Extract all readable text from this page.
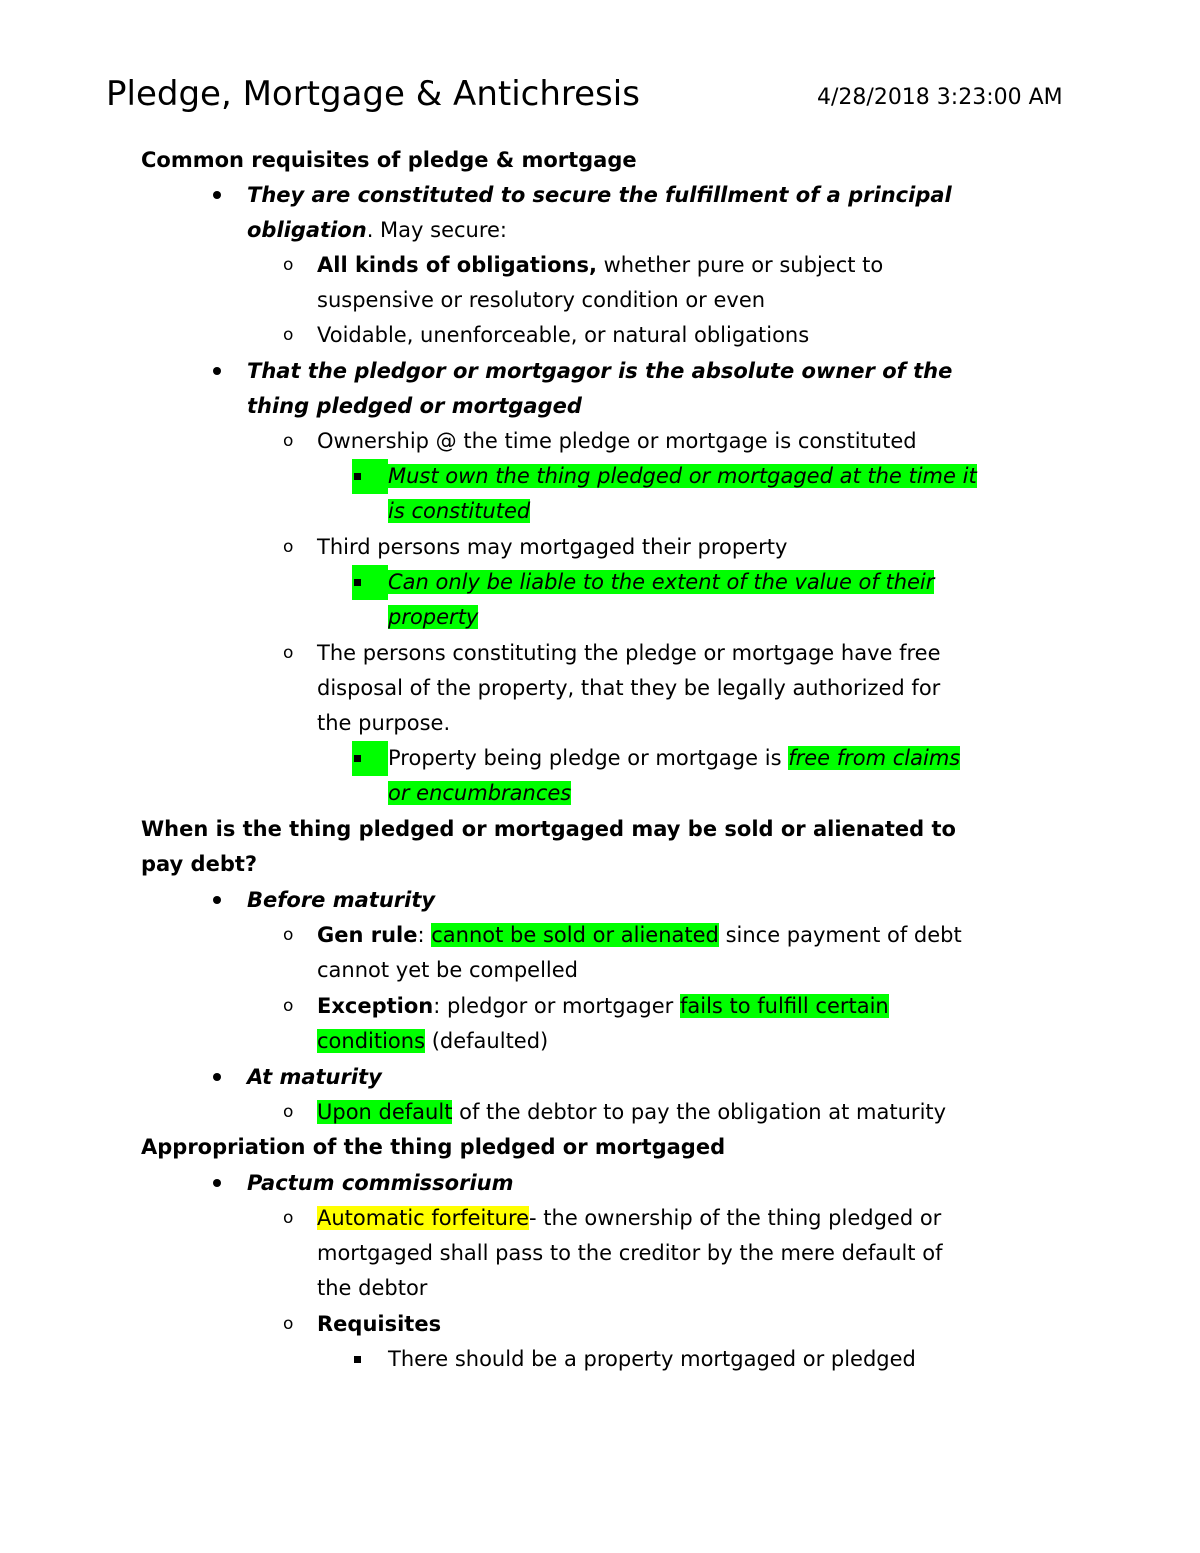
Pledge, Mortgage & Antichresis	4/28/2018 3:23:00 AM
Common requisites of pledge & mortgage
They are constituted to secure the fulfillment of a principal
obligation. May secure:
o All kinds of obligations, whether pure or subject to
suspensive or resolutory condition or even
o Voidable, unenforceable, or natural obligations
That the pledgor or mortgagor is the absolute owner of the
thing pledged or mortgaged
o Ownership @ the time pledge or mortgage is constituted
Must own the thing pledged or mortgaged at the time it
is constituted
o Third persons may mortgaged their property
Can only be liable to the extent of the value of their
property
o The persons constituting the pledge or mortgage have free
disposal of the property, that they be legally authorized for
the purpose.
Property being pledge or mortgage is free from claims
or encumbrances
When is the thing pledged or mortgaged may be sold or alienated to
pay debt?
Before maturity
o Gen rule: cannot be sold or alienated since payment of debt
cannot yet be compelled
o Exception: pledgor or mortgager fails to fulfill certain
conditions (defaulted)
At maturity
o Upon default of the debtor to pay the obligation at maturity
Appropriation of the thing pledged or mortgaged
Pactum commissorium
o Automatic forfeiture- the ownership of the thing pledged or
mortgaged shall pass to the creditor by the mere default of
the debtor
o Requisites
There should be a property mortgaged or pledged
